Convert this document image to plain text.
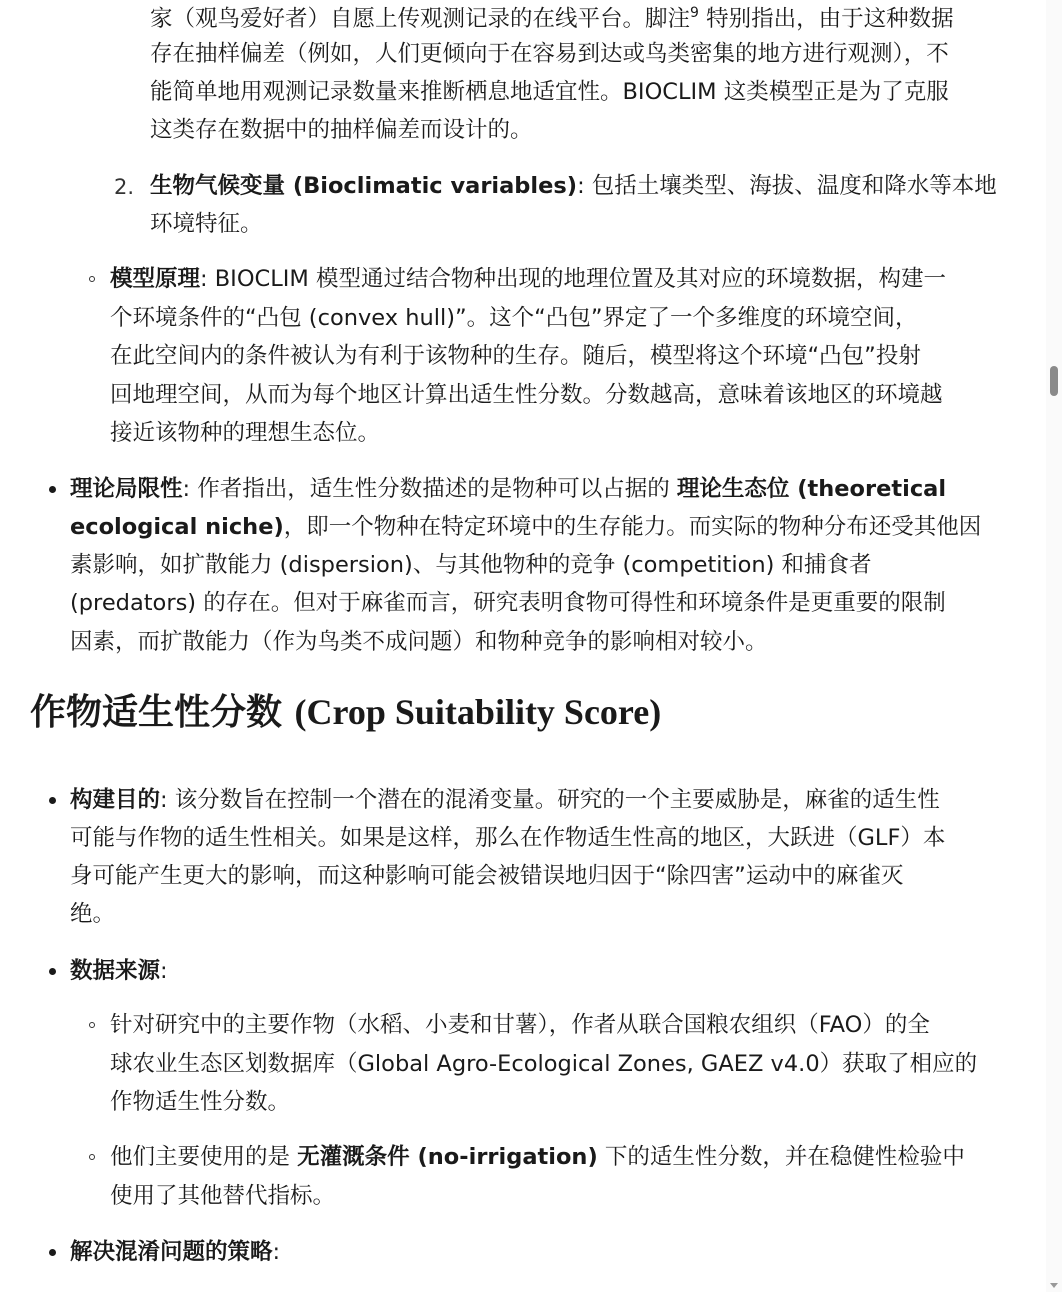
家（观鸟爱好者）自愿上传观测记录的在线平台。脚注$^9$ 特别指出，由于这种数据
存在抽样偏差（例如，人们更倾向于在容易到达或鸟类密集的地方进行观测），不
能简单地用观测记录数量来推断栖息地适宜性。BIOCLIM 这类模型正是为了克服
这类存在数据中的抽样偏差而设计的。
2. 生物气候变量 (Bioclimatic variables): 包括土壤类型、海拔、温度和降水等本地
环境特征。
模型原理: BIOCLIM 模型通过结合物种出现的地理位置及其对应的环境数据，构建一
个环境条件的“凸包 (convex hull)”。这个“凸包”界定了一个多维度的环境空间，
在此空间内的条件被认为有利于该物种的生存。随后，模型将这个环境“凸包”投射
回地理空间，从而为每个地区计算出适生性分数。分数越高，意味着该地区的环境越
接近该物种的理想生态位。
理论局限性: 作者指出，适生性分数描述的是物种可以占据的 理论生态位 (theoretical
ecological niche)，即一个物种在特定环境中的生存能力。而实际的物种分布还受其他因
素影响，如扩散能力 (dispersion)、与其他物种的竞争 (competition) 和捕食者
(predators) 的存在。但对于麻雀而言，研究表明食物可得性和环境条件是更重要的限制
因素，而扩散能力（作为鸟类不成问题）和物种竞争的影响相对较小。
作物适生性分数 (Crop Suitability Score)
构建目的: 该分数旨在控制一个潜在的混淆变量。研究的一个主要威胁是，麻雀的适生性
可能与作物的适生性相关。如果是这样，那么在作物适生性高的地区，大跃进（GLF）本
身可能产生更大的影响，而这种影响可能会被错误地归因于“除四害”运动中的麻雀灭
绝。
数据来源:
针对研究中的主要作物（水稻、小麦和甘薯），作者从联合国粮农组织（FAO）的全
球农业生态区划数据库（Global Agro-Ecological Zones, GAEZ v4.0）获取了相应的
作物适生性分数。
他们主要使用的是 无灌溉条件 (no-irrigation) 下的适生性分数，并在稳健性检验中
使用了其他替代指标。
解决混淆问题的策略:
